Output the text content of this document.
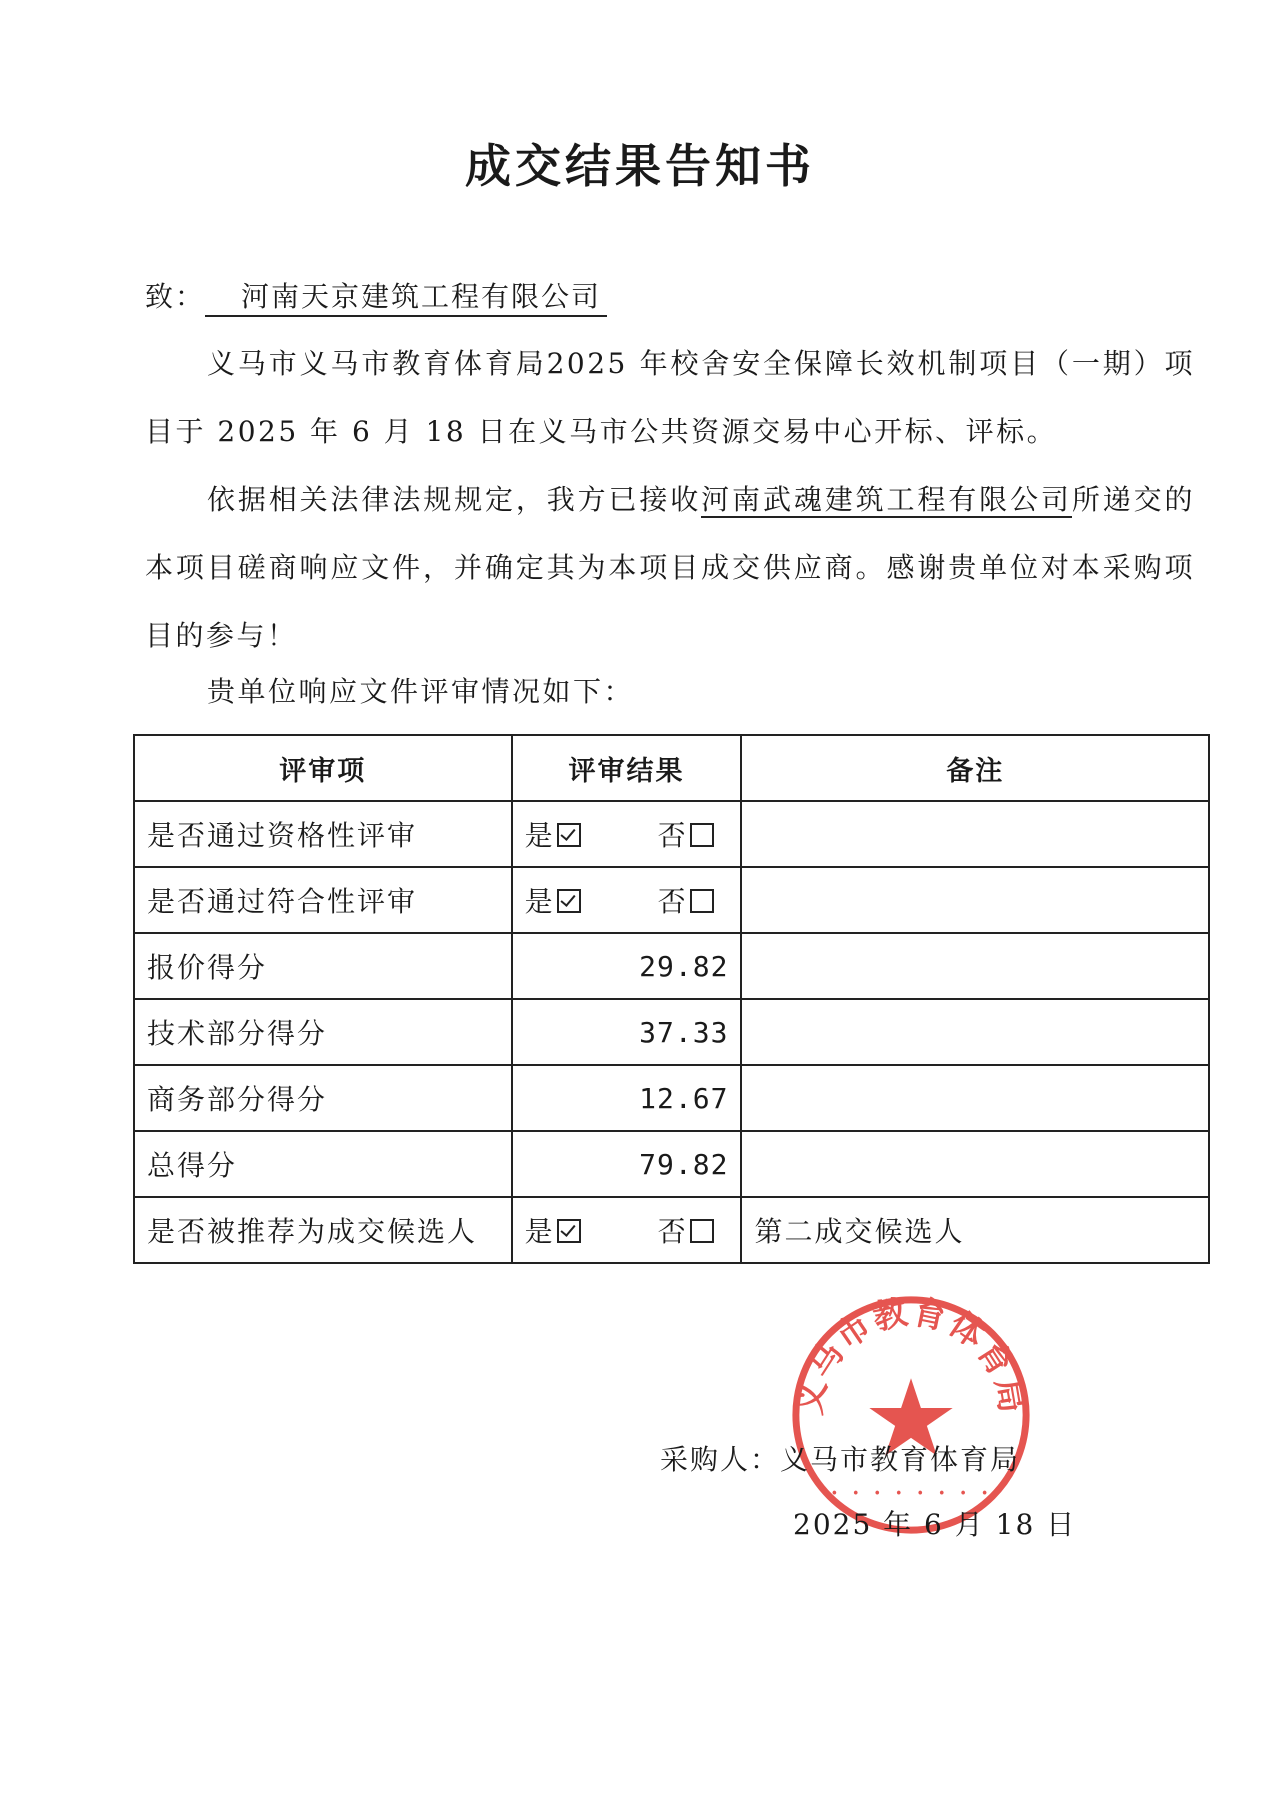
成交结果告知书
致： 河南天京建筑工程有限公司
义马市义马市教育体育局2025 年校舍安全保障长效机制项目（一期）项目于 2025 年 6 月 18 日在义马市公共资源交易中心开标、评标。
依据相关法律法规规定，我方已接收河南武魂建筑工程有限公司所递交的本项目磋商响应文件，并确定其为本项目成交供应商。感谢贵单位对本采购项目的参与！
贵单位响应文件评审情况如下：
评审项	评审结果	备注
是否通过资格性评审	是 否	

是否通过符合性评审	是 否	

报价得分	29.82	
技术部分得分	37.33	
商务部分得分	12.67	
总得分	79.82	
是否被推荐为成交候选人	是 否	第二成交候选人
义马市教育体育局
• • • • • • • •
采购人：义马市教育体育局
2025 年 6 月 18 日
